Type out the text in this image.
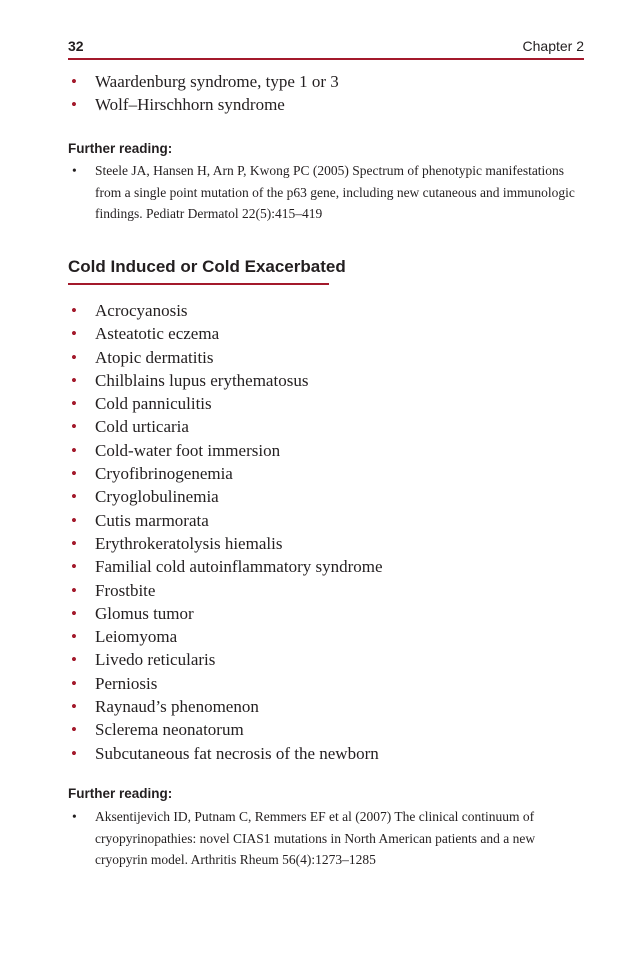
32	Chapter 2
• Waardenburg syndrome, type 1 or 3
• Wolf–Hirschhorn syndrome
Further reading:
• Steele JA, Hansen H, Arn P, Kwong PC (2005) Spectrum of phenotypic manifestations from a single point mutation of the p63 gene, including new cutaneous and immunologic findings. Pediatr Dermatol 22(5):415–419
Cold Induced or Cold Exacerbated
• Acrocyanosis
• Asteatotic eczema
• Atopic dermatitis
• Chilblains lupus erythematosus
• Cold panniculitis
• Cold urticaria
• Cold-water foot immersion
• Cryofibrinogenemia
• Cryoglobulinemia
• Cutis marmorata
• Erythrokeratolysis hiemalis
• Familial cold autoinflammatory syndrome
• Frostbite
• Glomus tumor
• Leiomyoma
• Livedo reticularis
• Perniosis
• Raynaud’s phenomenon
• Sclerema neonatorum
• Subcutaneous fat necrosis of the newborn
Further reading:
• Aksentijevich ID, Putnam C, Remmers EF et al (2007) The clinical continuum of cryopyrinopathies: novel CIAS1 mutations in North American patients and a new cryopyrin model. Arthritis Rheum 56(4):1273–1285
